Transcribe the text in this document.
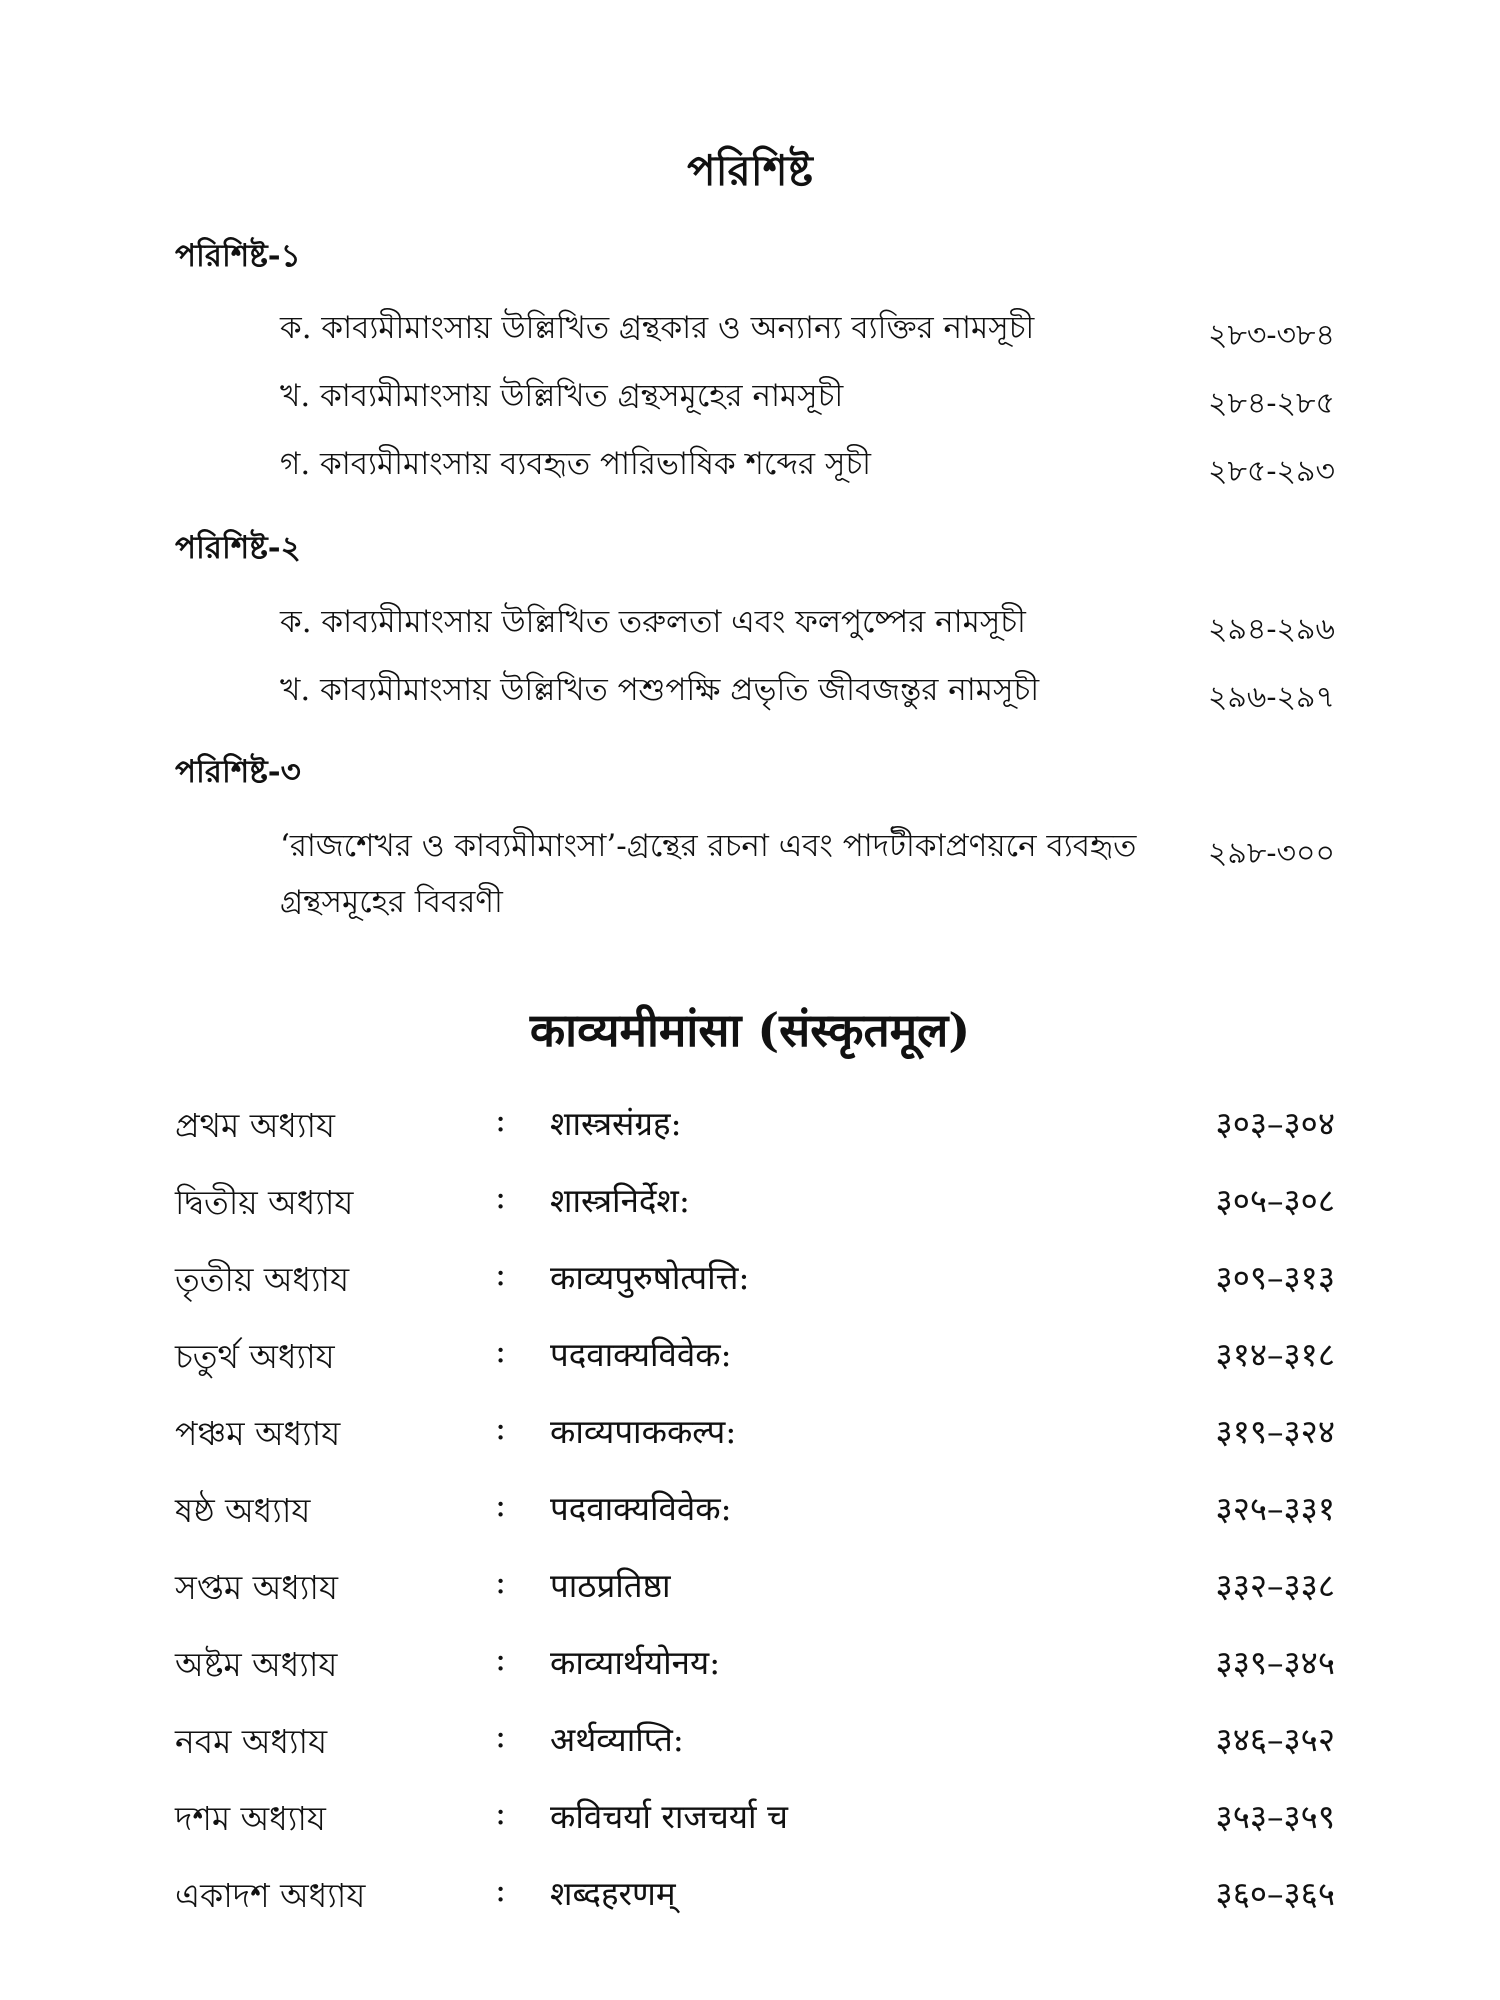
পরিশিষ্ট
পরিশিষ্ট-১
ক. কাব্যমীমাংসায় উল্লিখিত গ্রন্থকার ও অন্যান্য ব্যক্তির নামসূচী	২৮৩-৩৮৪
খ. কাব্যমীমাংসায় উল্লিখিত গ্রন্থসমূহের নামসূচী	২৮৪-২৮৫
গ. কাব্যমীমাংসায় ব্যবহৃত পারিভাষিক শব্দের সূচী	২৮৫-২৯৩
পরিশিষ্ট-২
ক. কাব্যমীমাংসায় উল্লিখিত তরুলতা এবং ফলপুষ্পের নামসূচী	২৯৪-২৯৬
খ. কাব্যমীমাংসায় উল্লিখিত পশুপক্ষি প্রভৃতি জীবজন্তুর নামসূচী	২৯৬-২৯৭
পরিশিষ্ট-৩
‘রাজশেখর ও কাব্যমীমাংসা’-গ্রন্থের রচনা এবং পাদটীকাপ্রণয়নে ব্যবহৃত গ্রন্থসমূহের বিবরণী
২৯৮-৩০০
काव्यमीमांसा (संस्कृतमूल)
প্রথম অধ্যায	: शास्त्रसंग्रह:	३०३–३०४
দ্বিতীয় অধ্যায	: शास्त्रनिर्देश:	३०५–३०८
তৃতীয় অধ্যায	: काव्यपुरुषोत्पत्ति:	३०९–३१३
চতুর্থ অধ্যায	: पदवाक्यविवेक:	३१४–३१८
পঞ্চম অধ্যায	: काव्यपाककल्प:	३१९–३२४
ষষ্ঠ অধ্যায	: पदवाक्यविवेक:	३२५–३३१
সপ্তম অধ্যায	: पाठप्रतिष्ठा	३३२–३३८
অষ্টম অধ্যায	: काव्यार्थयोनय:	३३९–३४५
নবম অধ্যায	: अर्थव्याप्ति:	३४६–३५२
দশম অধ্যায	: कविचर्या राजचर्या च	३५३–३५९
একাদশ অধ্যায	: शब्दहरणम्	३६०–३६५
